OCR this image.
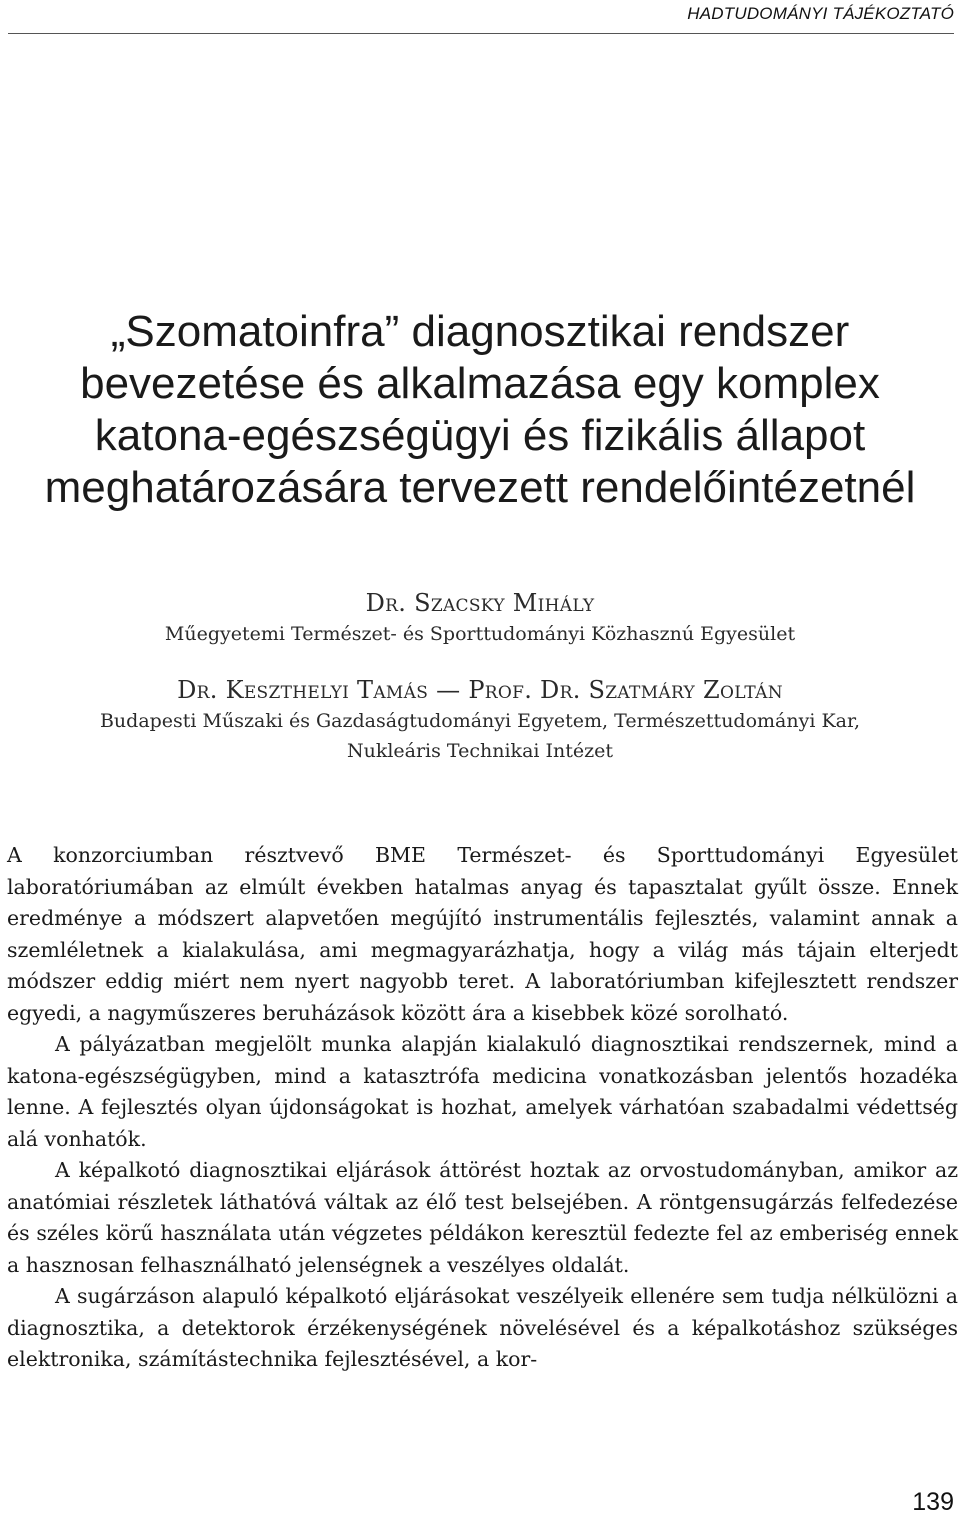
HADTUDOMÁNYI TÁJÉKOZTATÓ
„Szomatoinfra” diagnosztikai rendszer
bevezetése és alkalmazása egy komplex
katona-egészségügyi és fizikális állapot
meghatározására tervezett rendelőintézetnél
Dr. Szacsky Mihály
Műegyetemi Természet- és Sporttudományi Közhasznú Egyesület
Dr. Keszthelyi Tamás — Prof. Dr. Szatmáry Zoltán
Budapesti Műszaki és Gazdaságtudományi Egyetem, Természettudományi Kar,
Nukleáris Technikai Intézet

A konzorciumban résztvevő BME Természet- és Sporttudományi Egyesület laboratóriumában az elmúlt években hatalmas anyag és tapasztalat gyűlt össze. Ennek eredménye a módszert alapvetően megújító instrumentális fejlesztés, valamint annak a szemléletnek a kialakulása, ami megmagyarázhatja, hogy a világ más tájain elterjedt módszer eddig miért nem nyert nagyobb teret. A laboratóriumban kifejlesztett rendszer egyedi, a nagyműszeres beruházások között ára a kisebbek közé sorolható.

A pályázatban megjelölt munka alapján kialakuló diagnosztikai rendszernek, mind a katona-egészségügyben, mind a katasztrófa medicina vonatkozásban jelentős hozadéka lenne. A fejlesztés olyan újdonságokat is hozhat, amelyek várhatóan szabadalmi védettség alá vonhatók.

A képalkotó diagnosztikai eljárások áttörést hoztak az orvostudományban, amikor az anatómiai részletek láthatóvá váltak az élő test belsejében. A röntgensugárzás felfedezése és széles körű használata után végzetes példákon keresztül fedezte fel az emberiség ennek a hasznosan felhasználható jelenségnek a veszélyes oldalát.

A sugárzáson alapuló képalkotó eljárásokat veszélyeik ellenére sem tudja nélkülözni a diagnosztika, a detektorok érzékenységének növelésével és a képalkotáshoz szükséges elektronika, számítástechnika fejlesztésével, a kor-

139
